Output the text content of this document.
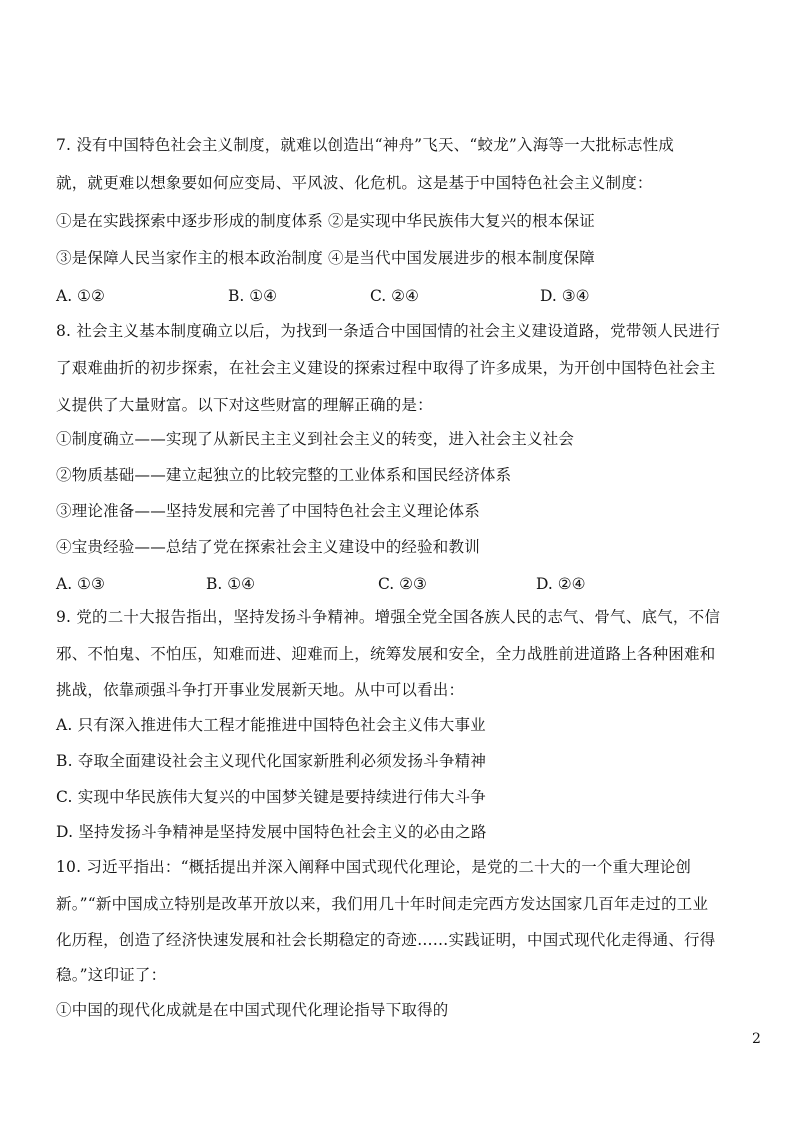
7. 没有中国特色社会主义制度，就难以创造出“神舟”飞天、“蛟龙”入海等一大批标志性成
就，就更难以想象要如何应变局、平风波、化危机。这是基于中国特色社会主义制度：
①是在实践探索中逐步形成的制度体系 ②是实现中华民族伟大复兴的根本保证
③是保障人民当家作主的根本政治制度 ④是当代中国发展进步的根本制度保障
A. ①②	B. ①④	C. ②④	D. ③④
8. 社会主义基本制度确立以后，为找到一条适合中国国情的社会主义建设道路，党带领人民进行
了艰难曲折的初步探索，在社会主义建设的探索过程中取得了许多成果，为开创中国特色社会主
义提供了大量财富。以下对这些财富的理解正确的是：
①制度确立——实现了从新民主主义到社会主义的转变，进入社会主义社会
②物质基础——建立起独立的比较完整的工业体系和国民经济体系
③理论准备——坚持发展和完善了中国特色社会主义理论体系
④宝贵经验——总结了党在探索社会主义建设中的经验和教训
A. ①③	B. ①④	C. ②③	D. ②④
9. 党的二十大报告指出，坚持发扬斗争精神。增强全党全国各族人民的志气、骨气、底气，不信
邪、不怕鬼、不怕压，知难而进、迎难而上，统筹发展和安全，全力战胜前进道路上各种困难和
挑战，依靠顽强斗争打开事业发展新天地。从中可以看出：
A. 只有深入推进伟大工程才能推进中国特色社会主义伟大事业
B. 夺取全面建设社会主义现代化国家新胜利必须发扬斗争精神
C. 实现中华民族伟大复兴的中国梦关键是要持续进行伟大斗争
D. 坚持发扬斗争精神是坚持发展中国特色社会主义的必由之路
10. 习近平指出：“概括提出并深入阐释中国式现代化理论，是党的二十大的一个重大理论创
新。”“新中国成立特别是改革开放以来，我们用几十年时间走完西方发达国家几百年走过的工业
化历程，创造了经济快速发展和社会长期稳定的奇迹……实践证明，中国式现代化走得通、行得
稳。”这印证了：
①中国的现代化成就是在中国式现代化理论指导下取得的
2
